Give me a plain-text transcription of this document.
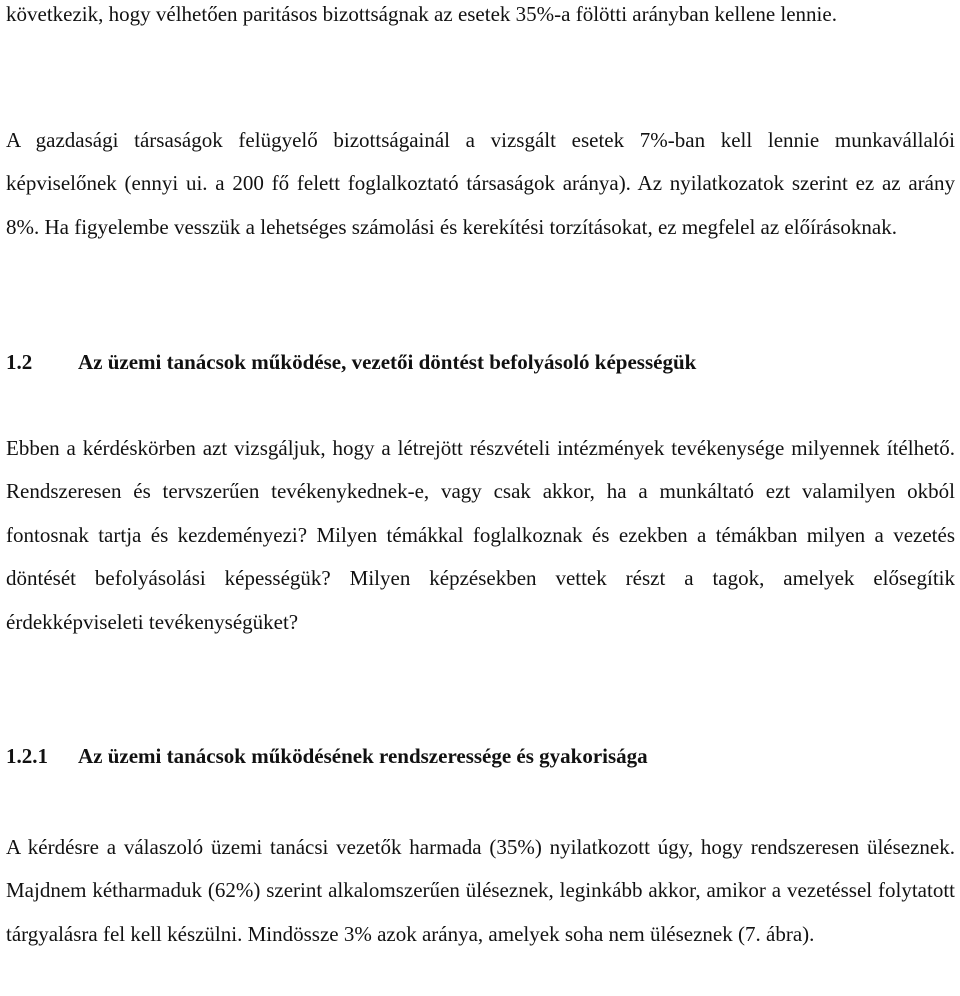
következik, hogy vélhetően paritásos bizottságnak az esetek 35%-a fölötti arányban kellene lennie.

A gazdasági társaságok felügyelő bizottságainál a vizsgált esetek 7%-ban kell lennie munkavállalói képviselőnek (ennyi ui. a 200 fő felett foglalkoztató társaságok aránya). Az nyilatkozatok szerint ez az arány 8%. Ha figyelembe vesszük a lehetséges számolási és kerekítési torzításokat, ez megfelel az előírásoknak.

1.2 Az üzemi tanácsok működése, vezetői döntést befolyásoló képességük

Ebben a kérdéskörben azt vizsgáljuk, hogy a létrejött részvételi intézmények tevékenysége milyennek ítélhető. Rendszeresen és tervszerűen tevékenykednek-e, vagy csak akkor, ha a munkáltató ezt valamilyen okból fontosnak tartja és kezdeményezi? Milyen témákkal foglalkoznak és ezekben a témákban milyen a vezetés döntését befolyásolási képességük? Milyen képzésekben vettek részt a tagok, amelyek elősegítik érdekképviseleti tevékenységüket?

1.2.1 Az üzemi tanácsok működésének rendszeressége és gyakorisága

A kérdésre a válaszoló üzemi tanácsi vezetők harmada (35%) nyilatkozott úgy, hogy rendszeresen üléseznek. Majdnem kétharmaduk (62%) szerint alkalomszerűen üléseznek, leginkább akkor, amikor a vezetéssel folytatott tárgyalásra fel kell készülni. Mindössze 3% azok aránya, amelyek soha nem üléseznek (7. ábra).
